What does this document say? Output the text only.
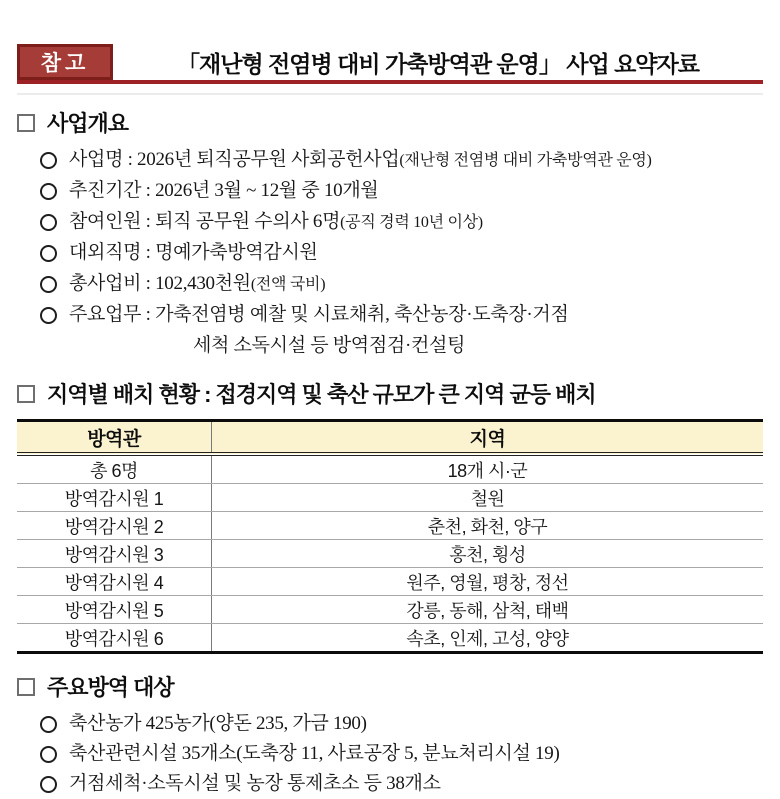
참고	「재난형 전염병 대비 가축방역관 운영」 사업 요약자료
사업개요
사업명 : 2026년 퇴직공무원 사회공헌사업(재난형 전염병 대비 가축방역관 운영)
추진기간 : 2026년 3월 ~ 12월 중 10개월
참여인원 : 퇴직 공무원 수의사 6명(공직 경력 10년 이상)
대외직명 : 명예가축방역감시원
총사업비 : 102,430천원(전액 국비)
주요업무 : 가축전염병 예찰 및 시료채취, 축산농장·도축장·거점
세척 소독시설 등 방역점검·컨설팅
지역별 배치 현황 : 접경지역 및 축산 규모가 큰 지역 균등 배치
방역관	지역
총 6명	18개 시·군
방역감시원 1	철원
방역감시원 2	춘천, 화천, 양구
방역감시원 3	홍천, 횡성
방역감시원 4	원주, 영월, 평창, 정선
방역감시원 5	강릉, 동해, 삼척, 태백
방역감시원 6	속초, 인제, 고성, 양양
주요방역 대상
축산농가 425농가(양돈 235, 가금 190)
축산관련시설 35개소(도축장 11, 사료공장 5, 분뇨처리시설 19)
거점세척·소독시설 및 농장 통제초소 등 38개소
